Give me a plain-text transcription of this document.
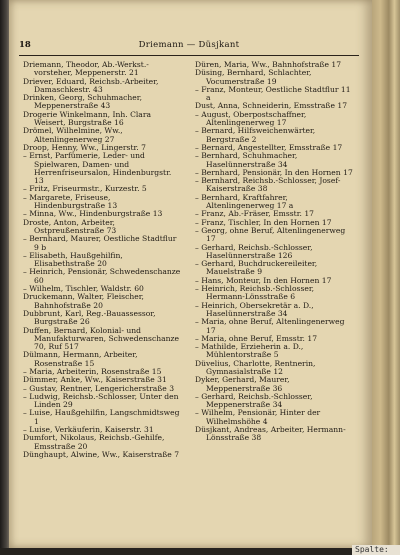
18	Driemann — Düsjkant

Driemann, Theodor, Ab.-Werkst.-vorsteher, Meppenerstr. 21

Driever, Eduard, Reichsb.-Arbeiter, Damaschkestr. 43

Drinken, Georg, Schuhmacher, Meppenerstraße 43

Drogerie Winkelmann, Inh. Clara Weisert, Burgstraße 16

Drömel, Wilhelmine, Ww., Altenlingenerweg 27

Droop, Henny, Ww., Lingerstr. 7

– Ernst, Parfümerie, Leder- und Spielwaren, Damen- und Herrenfriseursalon, Hindenburgstr. 13

– Fritz, Friseurmstr., Kurzestr. 5

– Margarete, Friseuse, Hindenburgstraße 13

– Minna, Ww., Hindenburgstraße 13

Droste, Anton, Arbeiter, Ostpreußenstraße 73

– Bernhard, Maurer, Oestliche Stadtflur 9 b

– Elisabeth, Haußgehilfin, Elisabethstraße 20

– Heinrich, Pensionär, Schwedenschanze 60

– Wilhelm, Tischler, Waldstr. 60

Druckemann, Walter, Fleischer, Bahnhofstraße 20

Dubbrunt, Karl, Reg.-Bauassessor, Burgstraße 26

Duffen, Bernard, Kolonial- und Manufakturwaren, Schwedenschanze 70, Ruf 517

Dülmann, Hermann, Arbeiter, Rosenstraße 15

– Maria, Arbeiterin, Rosenstraße 15

Dümmer, Anke, Ww., Kaiserstraße 31

– Gustav, Rentner, Lengericherstraße 3

– Ludwig, Reichsb.-Schlosser, Unter den Linden 29

– Luise, Haußgehilfin, Langschmidtsweg 1

– Luise, Verkäuferin, Kaiserstr. 31

Dumfort, Nikolaus, Reichsb.-Gehilfe, Emsstraße 20

Dünghaupt, Alwine, Ww., Kaiserstraße 7

Düren, Maria, Ww., Bahnhofstraße 17

Düsing, Bernhard, Schlachter, Vocumerstraße 19

– Franz, Monteur, Oestliche Stadtflur 11 a

Dust, Anna, Schneiderin, Emsstraße 17

– August, Oberpostschaffner, Altenlingenerweg 17

– Bernard, Hilfsweichenwärter, Bergstraße 2

– Bernard, Angestellter, Emsstraße 17

– Bernhard, Schuhmacher, Haselünnerstraße 34

– Bernhard, Pensionär, In den Hornen 17

– Bernhard, Reichsb.-Schlosser, Josef-Kaiserstraße 38

– Bernhard, Kraftfahrer, Altenlingenerweg 17 a

– Franz, Ab.-Fräser, Emsstr. 17

– Franz, Tischler, In den Hornen 17

– Georg, ohne Beruf, Altenlingenerweg 17

– Gerhard, Reichsb.-Schlosser, Haselünnerstraße 126

– Gerhard, Buchdruckereileiter, Mauelstraße 9

– Hans, Monteur, In den Hornen 17

– Heinrich, Reichsb.-Schlosser, Hermann-Lönsstraße 6

– Heinrich, Obersekretär a. D., Haselünnerstraße 34

– Maria, ohne Beruf, Altenlingenerweg 17

– Maria, ohne Beruf, Emsstr. 17

– Mathilde, Erzieherin a. D., Mühlentorstraße 5

Düvelius, Charlotte, Rentnerin, Gymnasialstraße 12

Dyker, Gerhard, Maurer, Meppenerstraße 36

– Gerhard, Reichsb.-Schlosser, Meppenerstraße 34

– Wilhelm, Pensionär, Hinter der Wilhelmshöhe 4

Düsjkant, Andreas, Arbeiter, Hermann-Lönsstraße 38

Spalte:
